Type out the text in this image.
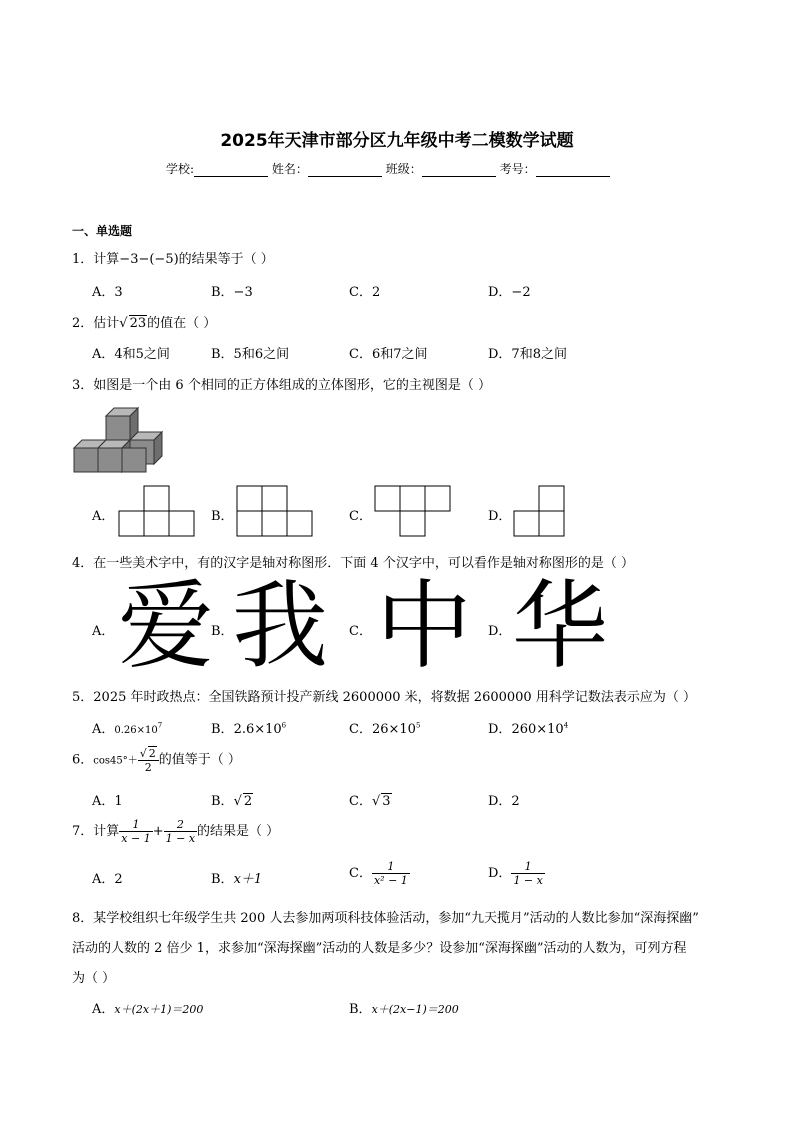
2025年天津市部分区九年级中考二模数学试题
学校:	姓名：	班级：	考号：
一、单选题
1．计算−3−(−5)的结果等于（ ）
A．3	B．−3	C．2	D．−2
2．估计√ 23的值在（ ）
A．4和5之间	B．5和6之间	C．6和7之间	D．7和8之间
3．如图是一个由 6 个相同的正方体组成的立体图形，它的主视图是（ ）
A．	B．	C．	D．
4．在一些美术字中，有的汉字是轴对称图形．下面 4 个汉字中，可以看作是轴对称图形的是（ ）
A． 爱
B．
我 C． 中 D． 华
5．2025 年时政热点：全国铁路预计投产新线 2600000 米，将数据 2600000 用科学记数法表示应为（ ）
A．$0.26\times 10^7$	B．$2.6\times 10^6$	C．$26\times 10^5$	D．$260\times 10^4$
6．$\cos 45^\circ+ \frac{√ 2}{2}$ 的值等于（ ）
A．1	B．√ 2	C．√ 3	D．2
7．计算 $\frac{1}{x - 1} + \frac{2}{1 - x}$ 的结果是（ ）
A．2	B．x＋1	C． $\frac{1}{\text{x² − 1}}$	D． $\frac{1}{1 - x}$
8．某学校组织七年级学生共 200 人去参加两项科技体验活动，参加“九天揽月”活动的人数比参加“深海探幽”
活动的人数的 2 倍少 1，求参加“深海探幽”活动的人数是多少？设参加“深海探幽”活动的人数为，可列方程
为（ ）
A．x＋(2x＋1)＝200	B．x＋(2x−1)＝200
